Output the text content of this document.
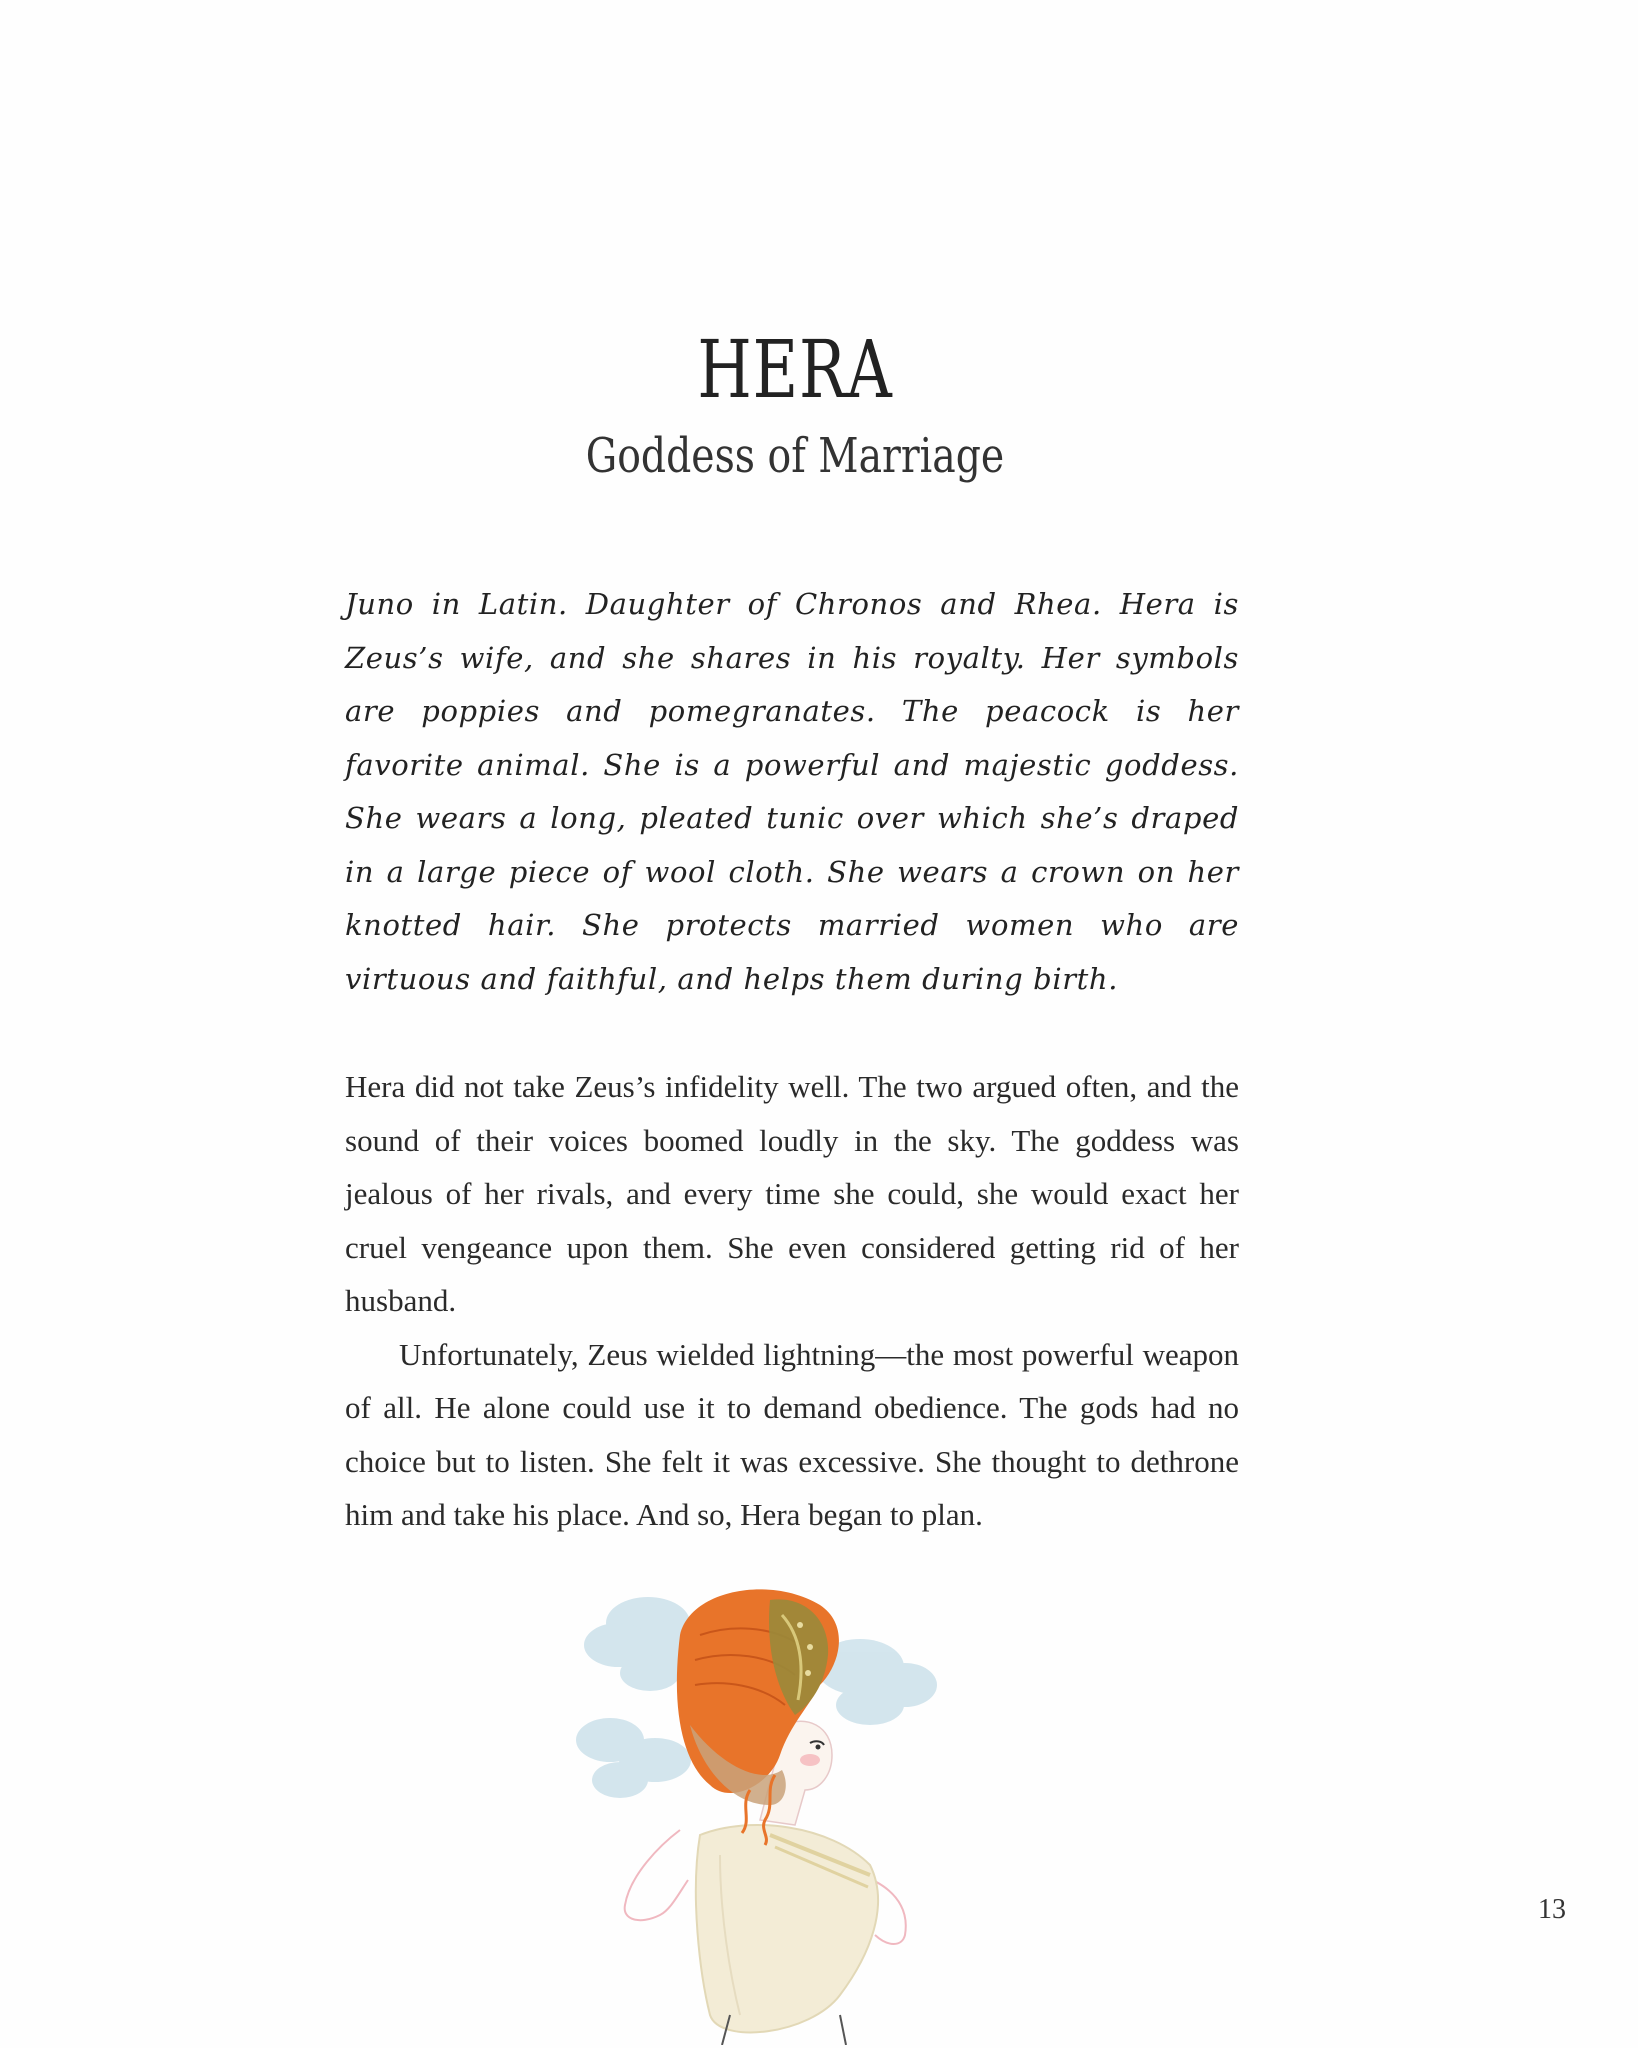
HERA
Goddess of Marriage

Juno in Latin. Daughter of Chronos and Rhea. Hera is Zeus’s wife, and she shares in his royalty. Her symbols are poppies and pomegranates. The peacock is her favorite animal. She is a powerful and majestic goddess. She wears a long, pleated tunic over which she’s draped in a large piece of wool cloth. She wears a crown on her knotted hair. She protects married women who are virtuous and faithful, and helps them during birth.

Hera did not take Zeus’s infidelity well. The two argued often, and the sound of their voices boomed loudly in the sky. The goddess was jealous of her rivals, and every time she could, she would exact her cruel vengeance upon them. She even considered getting rid of her husband.

Unfortunately, Zeus wielded lightning—the most powerful weapon of all. He alone could use it to demand obedience. The gods had no choice but to listen. She felt it was excessive. She thought to dethrone him and take his place. And so, Hera began to plan.

13
